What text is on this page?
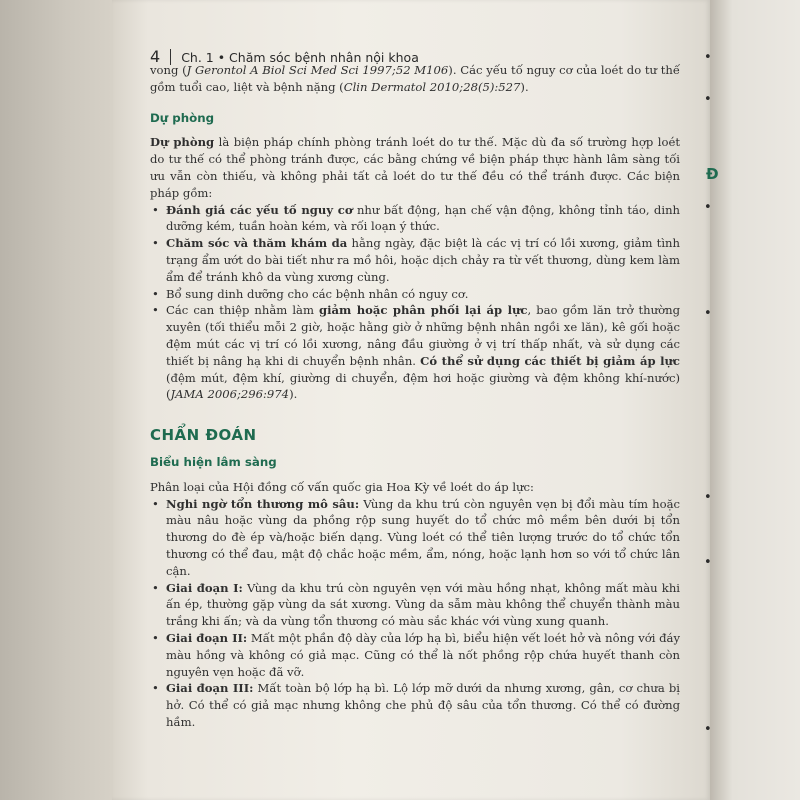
4 Ch. 1 • Chăm sóc bệnh nhân nội khoa

vong (J Gerontol A Biol Sci Med Sci 1997;52 M106). Các yếu tố nguy cơ của loét do tư thế gồm tuổi cao, liệt và bệnh nặng (Clin Dermatol 2010;28(5):527).

Dự phòng

Dự phòng là biện pháp chính phòng tránh loét do tư thế. Mặc dù đa số trường hợp loét do tư thế có thể phòng tránh được, các bằng chứng về biện pháp thực hành lâm sàng tối ưu vẫn còn thiếu, và không phải tất cả loét do tư thế đều có thể tránh được. Các biện pháp gồm:

• Đánh giá các yếu tố nguy cơ như bất động, hạn chế vận động, không tỉnh táo, dinh dưỡng kém, tuần hoàn kém, và rối loạn ý thức.
• Chăm sóc và thăm khám da hằng ngày, đặc biệt là các vị trí có lồi xương, giảm tình trạng ẩm ướt do bài tiết như ra mồ hôi, hoặc dịch chảy ra từ vết thương, dùng kem làm ẩm để tránh khô da vùng xương cùng.
• Bổ sung dinh dưỡng cho các bệnh nhân có nguy cơ.
• Các can thiệp nhằm làm giảm hoặc phân phối lại áp lực, bao gồm lăn trở thường xuyên (tối thiểu mỗi 2 giờ, hoặc hằng giờ ở những bệnh nhân ngồi xe lăn), kê gối hoặc đệm mút các vị trí có lồi xương, nâng đầu giường ở vị trí thấp nhất, và sử dụng các thiết bị nâng hạ khi di chuyển bệnh nhân. Có thể sử dụng các thiết bị giảm áp lực (đệm mút, đệm khí, giường di chuyển, đệm hơi hoặc giường và đệm không khí-nước) (JAMA 2006;296:974).
CHẨN ĐOÁN
Biểu hiện lâm sàng

Phân loại của Hội đồng cố vấn quốc gia Hoa Kỳ về loét do áp lực:

• Nghi ngờ tổn thương mô sâu: Vùng da khu trú còn nguyên vẹn bị đổi màu tím hoặc màu nâu hoặc vùng da phồng rộp sung huyết do tổ chức mô mềm bên dưới bị tổn thương do đè ép và/hoặc biến dạng. Vùng loét có thể tiên lượng trước do tổ chức tổn thương có thể đau, mật độ chắc hoặc mềm, ẩm, nóng, hoặc lạnh hơn so với tổ chức lân cận.
• Giai đoạn I: Vùng da khu trú còn nguyên vẹn với màu hồng nhạt, không mất màu khi ấn ép, thường gặp vùng da sát xương. Vùng da sẫm màu không thể chuyển thành màu trắng khi ấn; và da vùng tổn thương có màu sắc khác với vùng xung quanh.
• Giai đoạn II: Mất một phần độ dày của lớp hạ bì, biểu hiện vết loét hở và nông với đáy màu hồng và không có giả mạc. Cũng có thể là nốt phồng rộp chứa huyết thanh còn nguyên vẹn hoặc đã vỡ.
• Giai đoạn III: Mất toàn bộ lớp hạ bì. Lộ lớp mỡ dưới da nhưng xương, gân, cơ chưa bị hở. Có thể có giả mạc nhưng không che phủ độ sâu của tổn thương. Có thể có đường hầm.
•
•
Đ
•
•
•
•
•
